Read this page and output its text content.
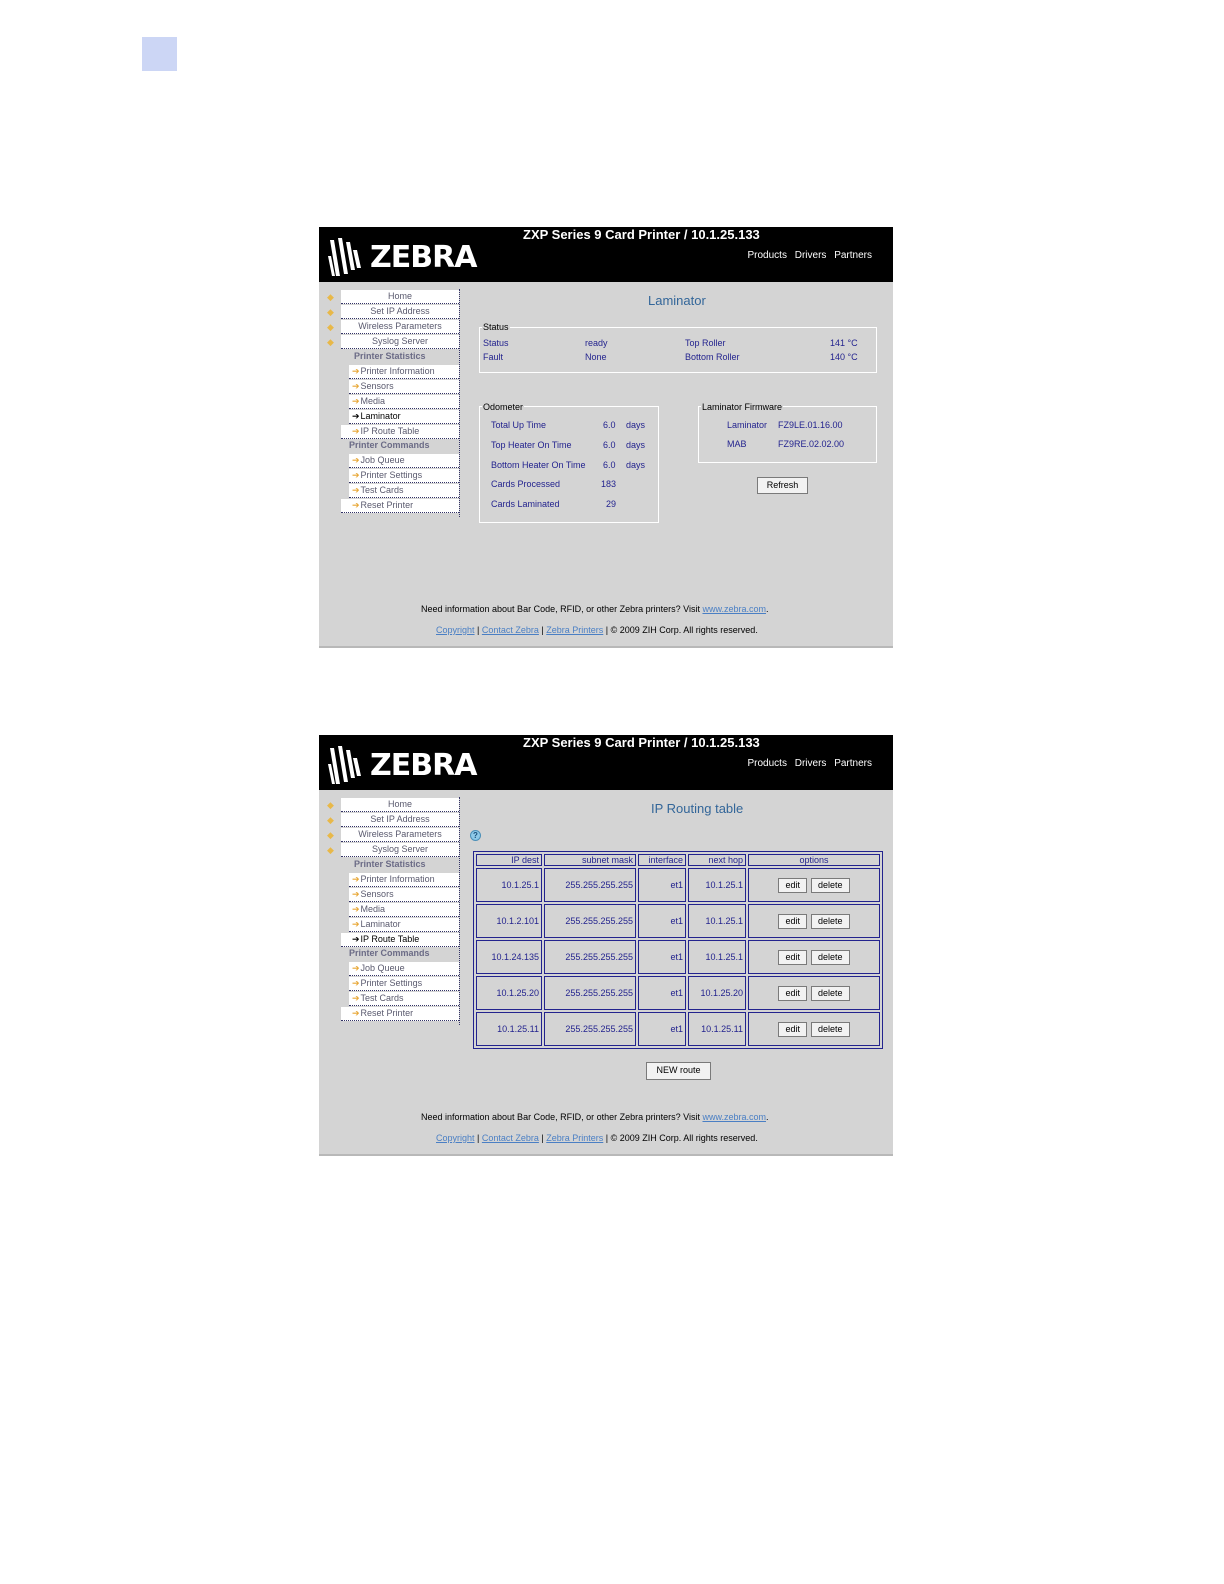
ZEBRA
ZXP Series 9 Card Printer / 10.1.25.133
Products Drivers Partners
◆	Home
◆	Set IP Address
◆	Wireless Parameters
◆	Syslog Server
Printer Statistics
➔Printer Information
➔Sensors
➔Media
➔Laminator
➔IP Route Table
Printer Commands
➔Job Queue
➔Printer Settings
➔Test Cards
➔Reset Printer
Laminator
Status
Status	ready
Fault	None
Top Roller	141 °C
Bottom Roller	140 °C
Odometer
Total Up Time	6.0 days
Top Heater On Time	6.0 days
Bottom Heater On Time 6.0 days
Cards Processed	183
Cards Laminated	29
Laminator Firmware
Laminator FZ9LE.01.16.00
MAB	FZ9RE.02.02.00
Refresh
Need information about Bar Code, RFID, or other Zebra printers? Visit www.zebra.com.
Copyright | Contact Zebra | Zebra Printers | © 2009 ZIH Corp. All rights reserved.
ZEBRA
ZXP Series 9 Card Printer / 10.1.25.133
Products Drivers Partners
◆	Home
◆	Set IP Address
◆	Wireless Parameters
◆	Syslog Server
Printer Statistics
➔Printer Information
➔Sensors
➔Media
➔Laminator
➔IP Route Table
Printer Commands
➔Job Queue
➔Printer Settings
➔Test Cards
➔Reset Printer
IP Routing table
?
IP dest	subnet mask	interface	next hop	options
10.1.25.1	255.255.255.255	et1	10.1.25.1	edit delete
10.1.2.101	255.255.255.255	et1	10.1.25.1	edit delete
10.1.24.135	255.255.255.255	et1	10.1.25.1	edit delete
10.1.25.20	255.255.255.255	et1	10.1.25.20	edit delete
10.1.25.11	255.255.255.255	et1	10.1.25.11	edit delete
NEW route
Need information about Bar Code, RFID, or other Zebra printers? Visit www.zebra.com.
Copyright | Contact Zebra | Zebra Printers | © 2009 ZIH Corp. All rights reserved.
